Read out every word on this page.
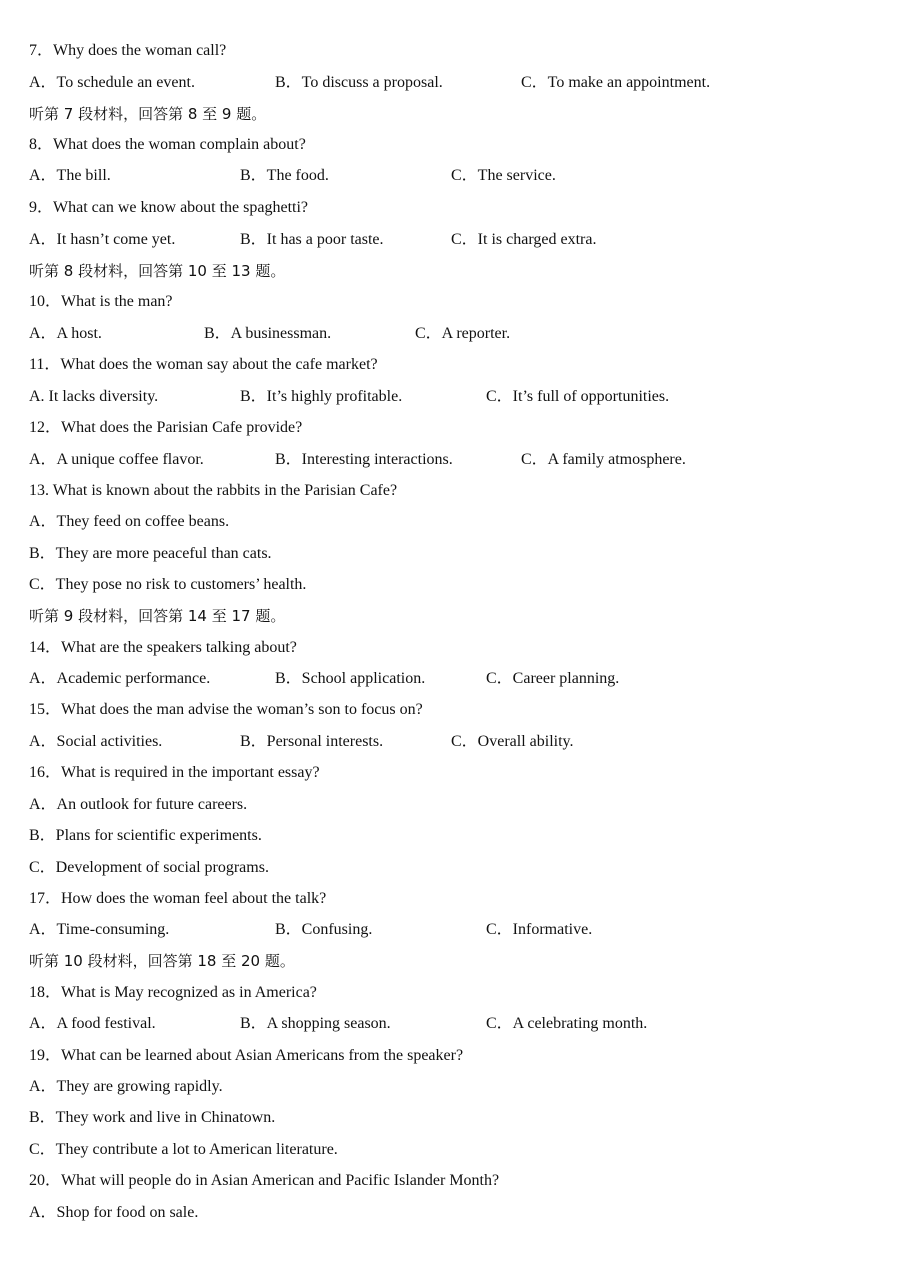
7．Why does the woman call?
A．To schedule an event.	B．To discuss a proposal.	C．To make an appointment.
听第 7 段材料，回答第 8 至 9 题。
8．What does the woman complain about?
A．The bill.	B．The food.	C．The service.
9．What can we know about the spaghetti?
A．It hasn’t come yet.	B．It has a poor taste.	C．It is charged extra.
听第 8 段材料，回答第 10 至 13 题。
10．What is the man?
A．A host.	B．A businessman.	C．A reporter.
11．What does the woman say about the cafe market?
A. It lacks diversity.	B．It’s highly profitable.	C．It’s full of opportunities.
12．What does the Parisian Cafe provide?
A．A unique coffee flavor.	B．Interesting interactions.	C．A family atmosphere.
13. What is known about the rabbits in the Parisian Cafe?
A．They feed on coffee beans.
B．They are more peaceful than cats.
C．They pose no risk to customers’ health.
听第 9 段材料，回答第 14 至 17 题。
14．What are the speakers talking about?
A．Academic performance.	B．School application.	C．Career planning.
15．What does the man advise the woman’s son to focus on?
A．Social activities.	B．Personal interests.	C．Overall ability.
16．What is required in the important essay?
A．An outlook for future careers.
B．Plans for scientific experiments.
C．Development of social programs.
17．How does the woman feel about the talk?
A．Time-consuming.	B．Confusing.	C．Informative.
听第 10 段材料，回答第 18 至 20 题。
18．What is May recognized as in America?
A．A food festival.	B．A shopping season.	C．A celebrating month.
19．What can be learned about Asian Americans from the speaker?
A．They are growing rapidly.
B．They work and live in Chinatown.
C．They contribute a lot to American literature.
20．What will people do in Asian American and Pacific Islander Month?
A．Shop for food on sale.
